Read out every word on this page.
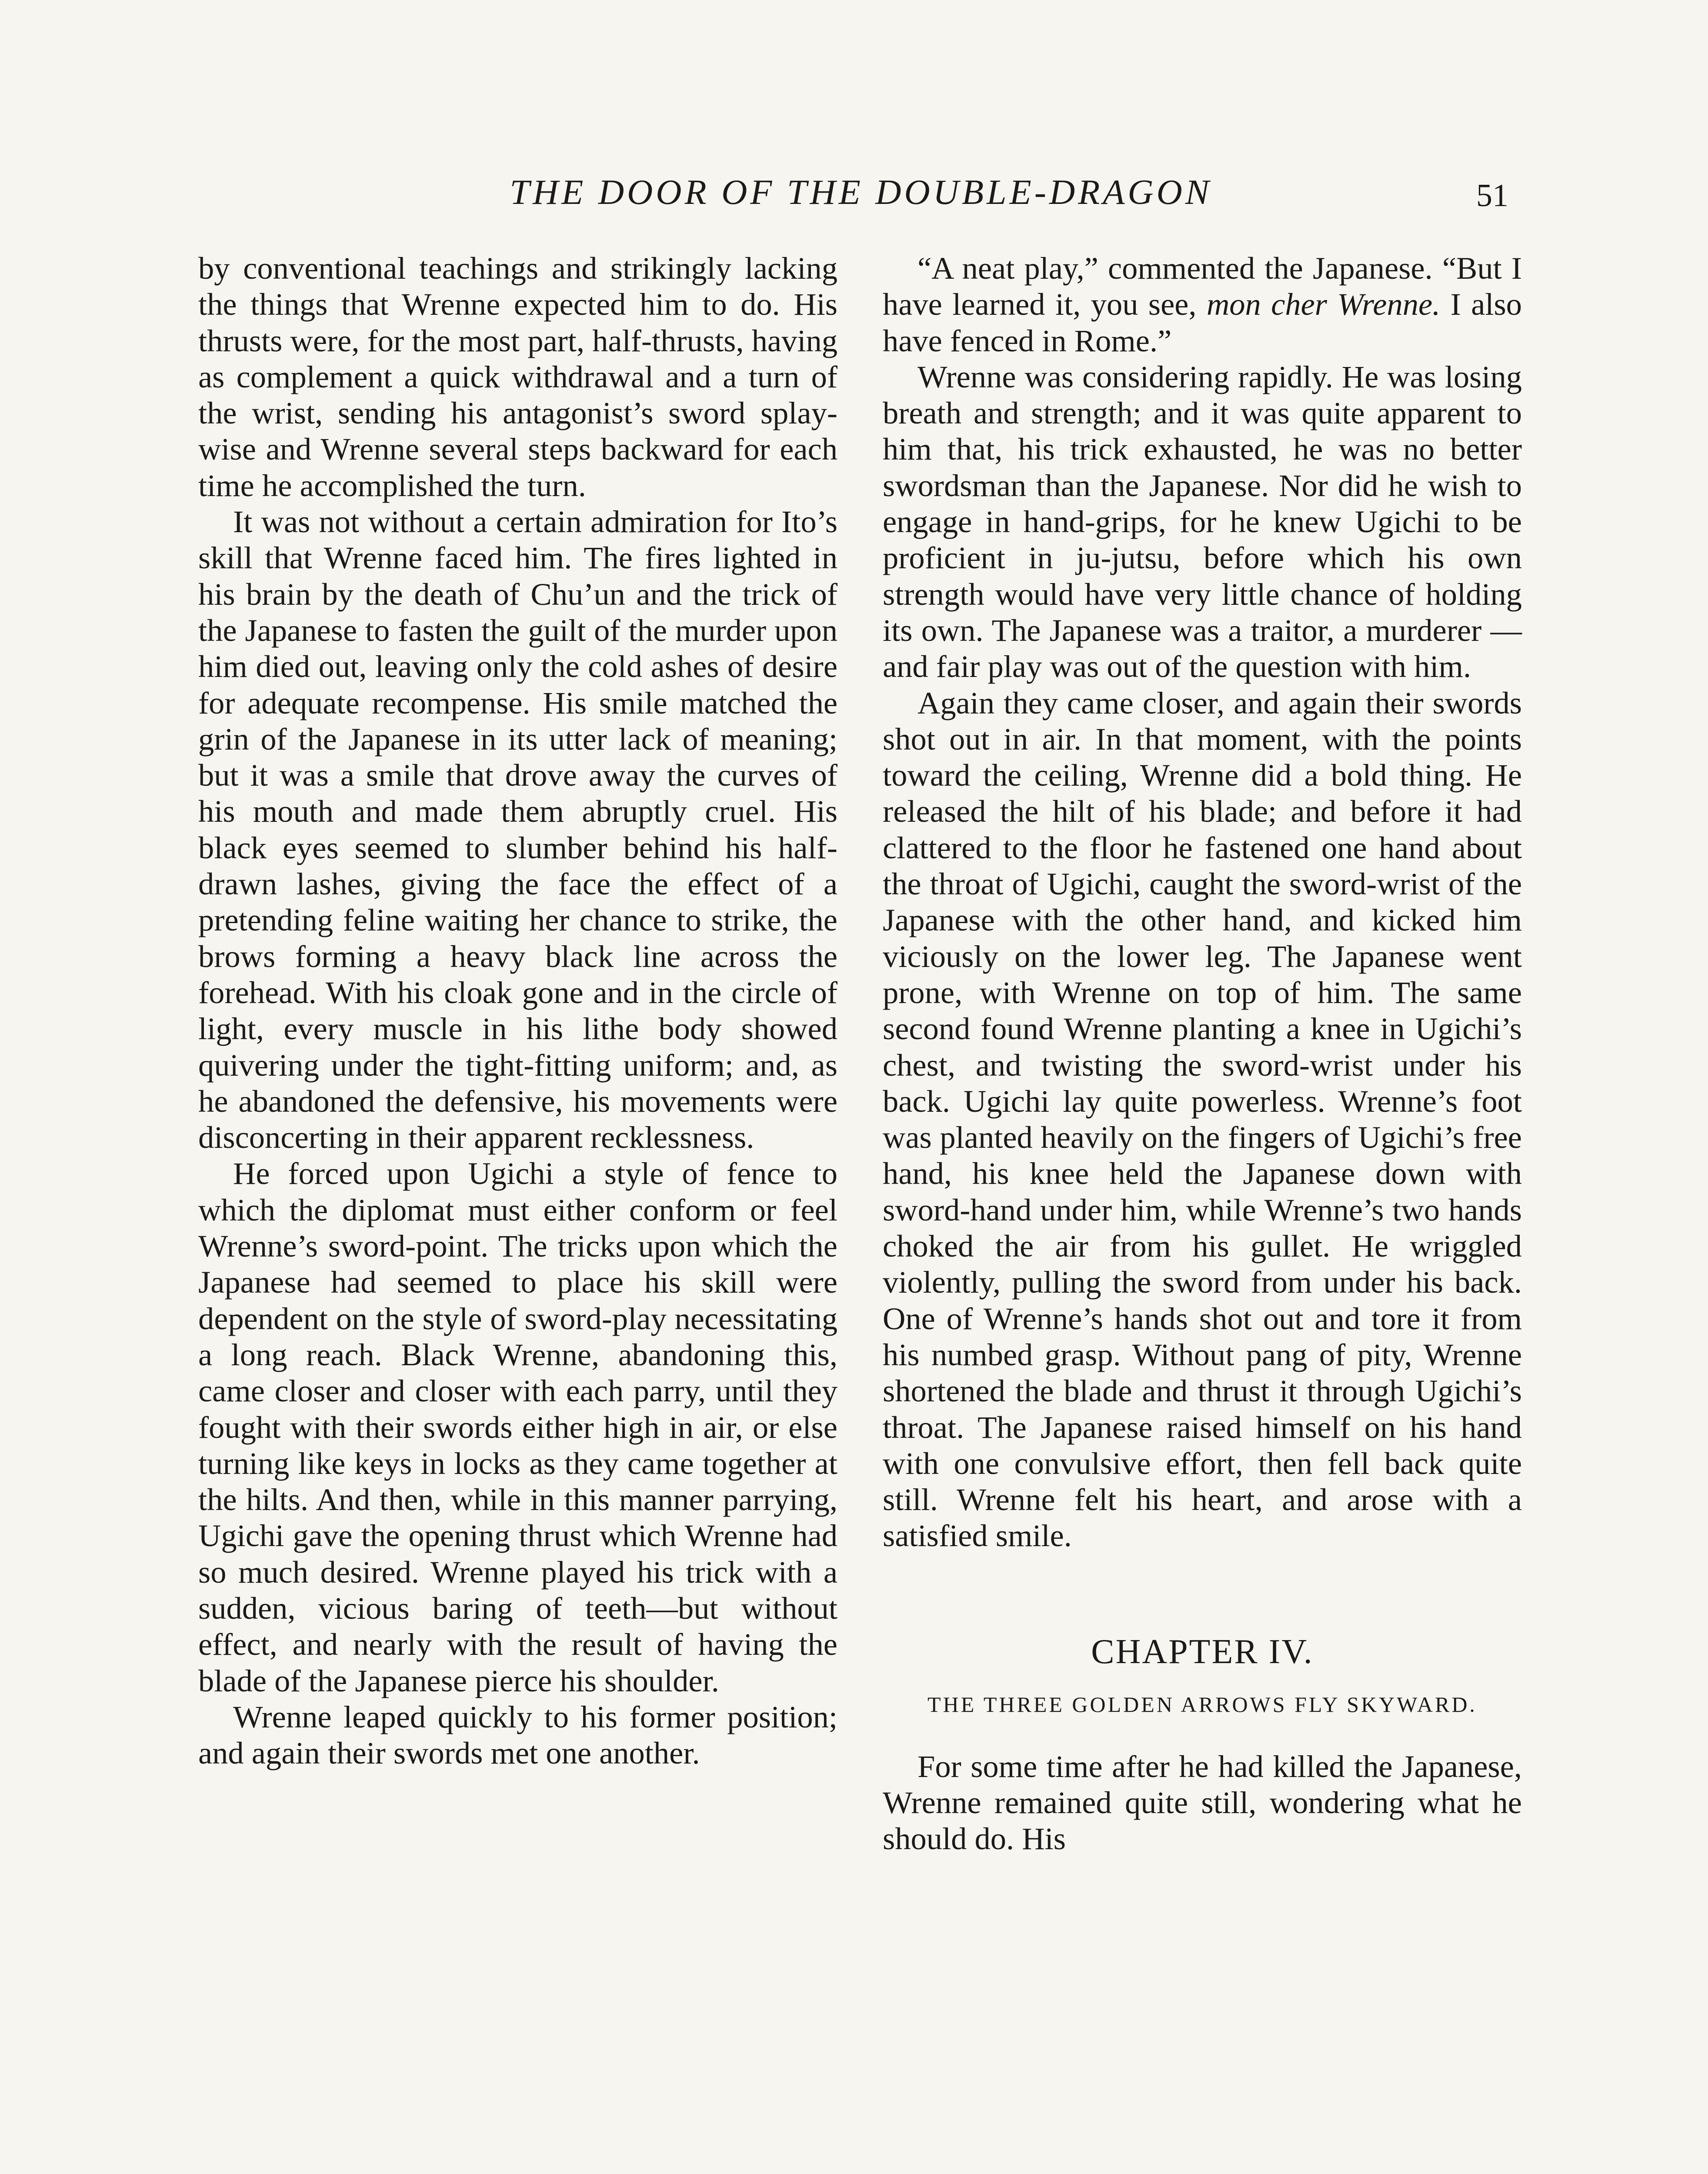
THE DOOR OF THE DOUBLE-DRAGON	51

by conventional teachings and strikingly lacking the things that Wrenne expected him to do. His thrusts were, for the most part, half-thrusts, having as complement a quick withdrawal and a turn of the wrist, sending his antagonist’s sword splay-wise and Wrenne several steps backward for each time he accomplished the turn.

It was not without a certain admiration for Ito’s skill that Wrenne faced him. The fires lighted in his brain by the death of Chu’un and the trick of the Japanese to fasten the guilt of the murder upon him died out, leaving only the cold ashes of desire for adequate recompense. His smile matched the grin of the Japanese in its utter lack of meaning; but it was a smile that drove away the curves of his mouth and made them abruptly cruel. His black eyes seemed to slumber behind his half-drawn lashes, giving the face the effect of a pretending feline waiting her chance to strike, the brows forming a heavy black line across the forehead. With his cloak gone and in the circle of light, every muscle in his lithe body showed quivering under the tight-fitting uniform; and, as he abandoned the defensive, his movements were disconcerting in their apparent recklessness.

He forced upon Ugichi a style of fence to which the diplomat must either conform or feel Wrenne’s sword-point. The tricks upon which the Japanese had seemed to place his skill were dependent on the style of sword-play necessitating a long reach. Black Wrenne, abandoning this, came closer and closer with each parry, until they fought with their swords either high in air, or else turning like keys in locks as they came together at the hilts. And then, while in this manner parrying, Ugichi gave the opening thrust which Wrenne had so much desired. Wrenne played his trick with a sudden, vicious baring of teeth—but without effect, and nearly with the result of having the blade of the Japanese pierce his shoulder.

Wrenne leaped quickly to his former position; and again their swords met one another.

“A neat play,” commented the Japanese. “But I have learned it, you see, mon cher Wrenne. I also have fenced in Rome.”

Wrenne was considering rapidly. He was losing breath and strength; and it was quite apparent to him that, his trick exhausted, he was no better swordsman than the Japanese. Nor did he wish to engage in hand-grips, for he knew Ugichi to be proficient in ju-jutsu, before which his own strength would have very little chance of holding its own. The Japanese was a traitor, a murderer —and fair play was out of the question with him.

Again they came closer, and again their swords shot out in air. In that moment, with the points toward the ceiling, Wrenne did a bold thing. He released the hilt of his blade; and before it had clattered to the floor he fastened one hand about the throat of Ugichi, caught the sword-wrist of the Japanese with the other hand, and kicked him viciously on the lower leg. The Japanese went prone, with Wrenne on top of him. The same second found Wrenne planting a knee in Ugichi’s chest, and twisting the sword-wrist under his back. Ugichi lay quite powerless. Wrenne’s foot was planted heavily on the fingers of Ugichi’s free hand, his knee held the Japanese down with sword-hand under him, while Wrenne’s two hands choked the air from his gullet. He wriggled violently, pulling the sword from under his back. One of Wrenne’s hands shot out and tore it from his numbed grasp. Without pang of pity, Wrenne shortened the blade and thrust it through Ugichi’s throat. The Japanese raised himself on his hand with one convulsive effort, then fell back quite still. Wrenne felt his heart, and arose with a satisfied smile.

CHAPTER IV.
THE THREE GOLDEN ARROWS FLY SKYWARD.

For some time after he had killed the Japanese, Wrenne remained quite still, wondering what he should do. His
